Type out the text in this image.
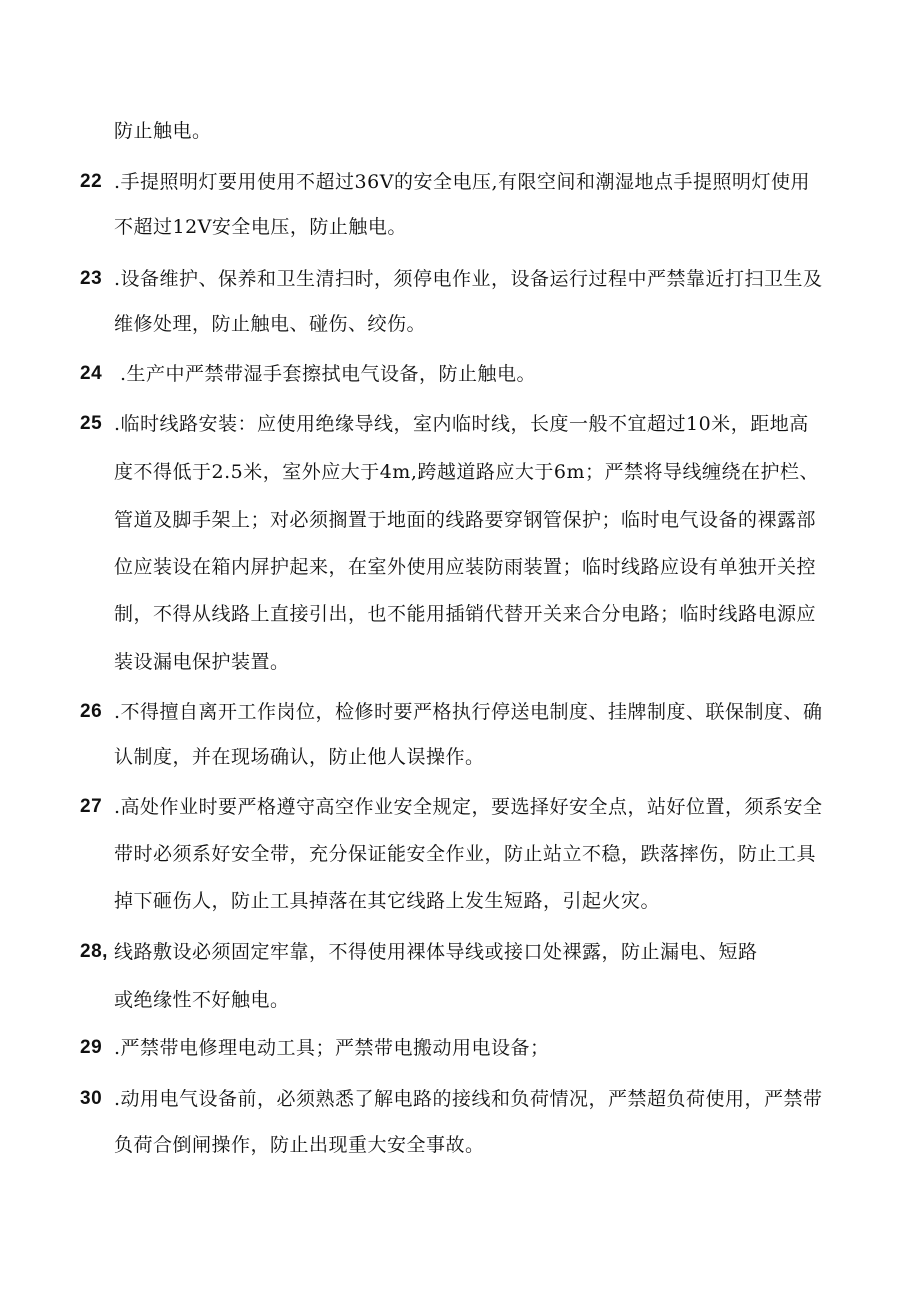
防止触电。
22 .手提照明灯要用使用不超过36V的安全电压,有限空间和潮湿地点手提照明灯使用
不超过12V安全电压，防止触电。
23 .设备维护、保养和卫生清扫时，须停电作业，设备运行过程中严禁靠近打扫卫生及
维修处理，防止触电、碰伤、绞伤。
24 .生产中严禁带湿手套擦拭电气设备，防止触电。
25 .临时线路安装：应使用绝缘导线，室内临时线，长度一般不宜超过10米，距地高
度不得低于2.5米，室外应大于4m,跨越道路应大于6m；严禁将导线缠绕在护栏、
管道及脚手架上；对必须搁置于地面的线路要穿钢管保护；临时电气设备的裸露部
位应装设在箱内屏护起来，在室外使用应装防雨装置；临时线路应设有单独开关控
制，不得从线路上直接引出，也不能用插销代替开关来合分电路；临时线路电源应
装设漏电保护装置。
26 .不得擅自离开工作岗位，检修时要严格执行停送电制度、挂牌制度、联保制度、确
认制度，并在现场确认，防止他人误操作。
27 .高处作业时要严格遵守高空作业安全规定，要选择好安全点，站好位置，须系安全
带时必须系好安全带，充分保证能安全作业，防止站立不稳，跌落摔伤，防止工具
掉下砸伤人，防止工具掉落在其它线路上发生短路，引起火灾。
28, 线路敷设必须固定牢靠，不得使用裸体导线或接口处裸露，防止漏电、短路
或绝缘性不好触电。
29 .严禁带电修理电动工具；严禁带电搬动用电设备；
30 .动用电气设备前，必须熟悉了解电路的接线和负荷情况，严禁超负荷使用，严禁带
负荷合倒闸操作，防止出现重大安全事故。
